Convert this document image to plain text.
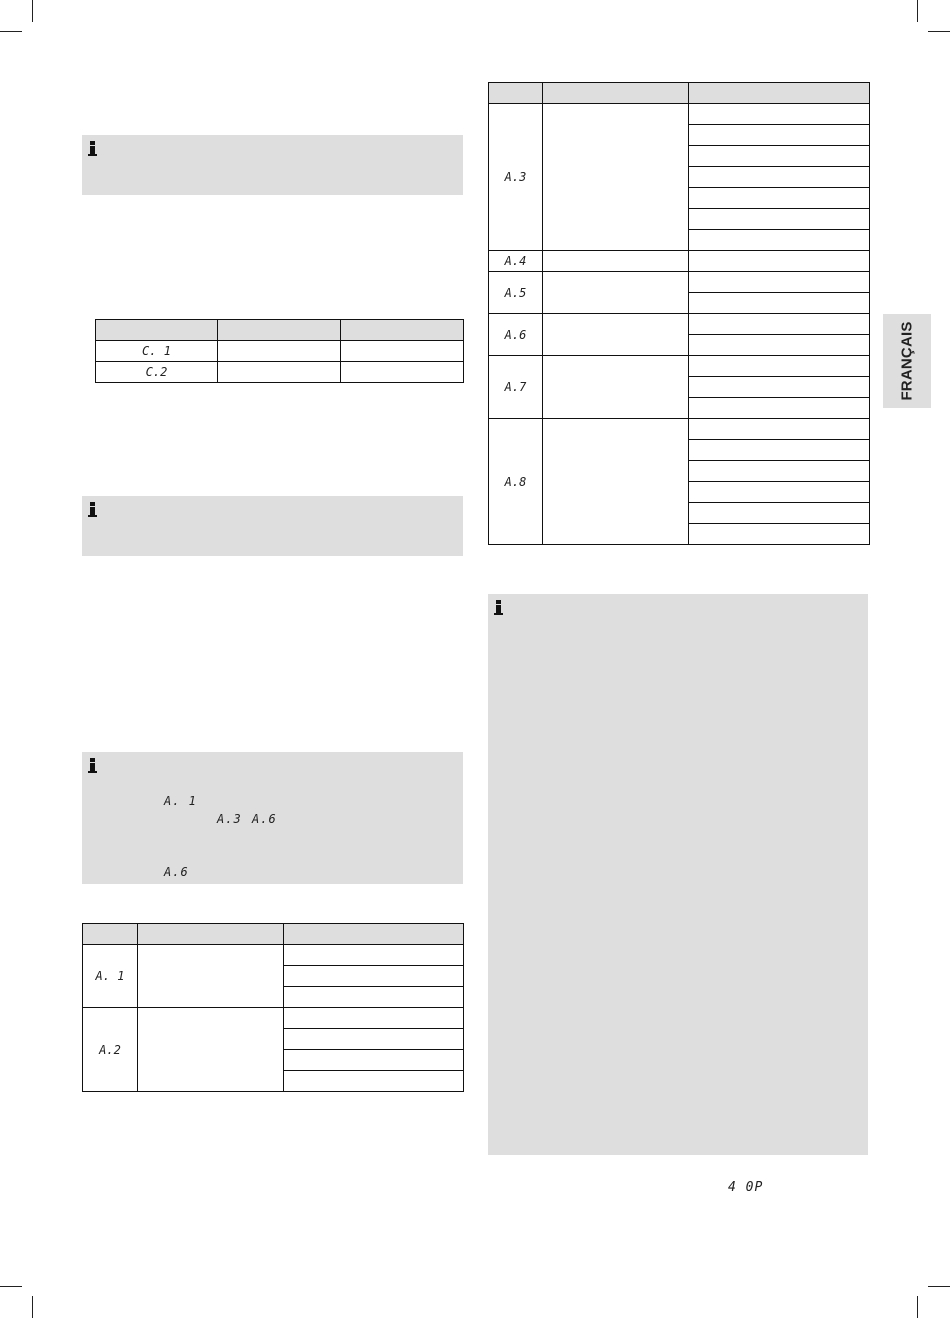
C. 1		
C.2		
A. 1
A.3 A.6
A.6

A. 1		

A.2		

A.3		

A.4		
A.5		

A.6		

A.7		

A.8		

FRANÇAIS
4 0P
